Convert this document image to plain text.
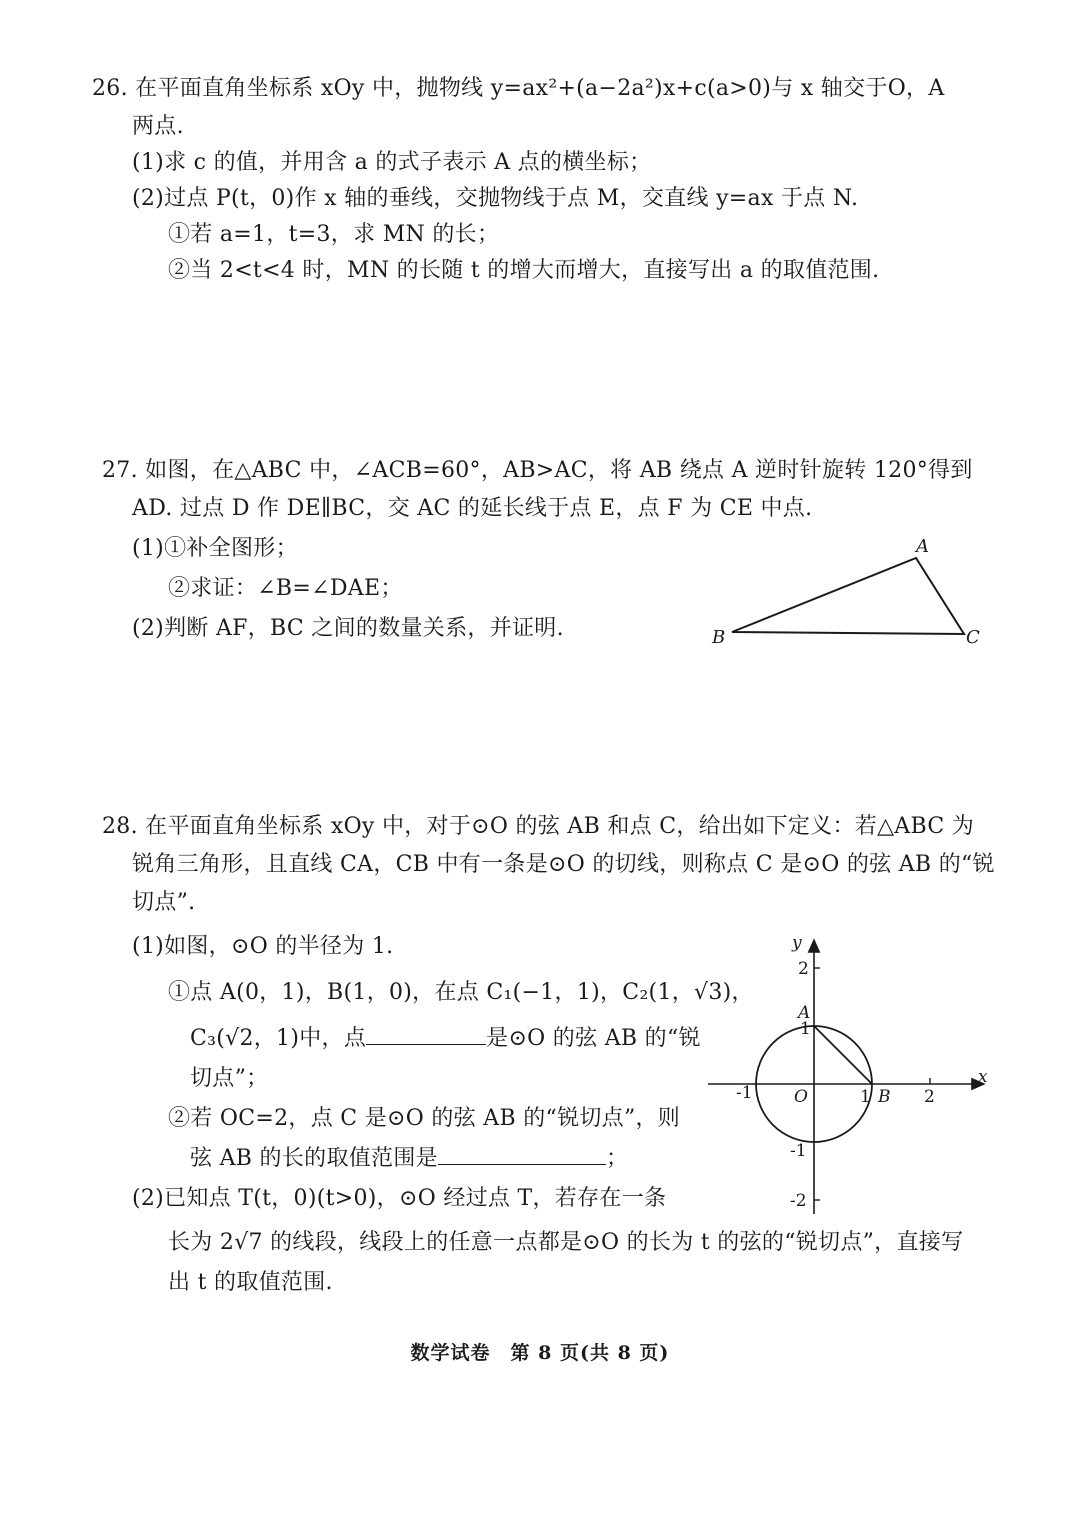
26. 在平面直角坐标系 xOy 中，抛物线 y=ax²+(a−2a²)x+c(a>0)与 x 轴交于O，A
两点.
(1)求 c 的值，并用含 a 的式子表示 A 点的横坐标；
(2)过点 P(t，0)作 x 轴的垂线，交抛物线于点 M，交直线 y=ax 于点 N.
①若 a=1，t=3，求 MN 的长；
②当 2<t<4 时，MN 的长随 t 的增大而增大，直接写出 a 的取值范围.
27. 如图，在△ABC 中，∠ACB=60°，AB>AC，将 AB 绕点 A 逆时针旋转 120°得到
AD. 过点 D 作 DE∥BC，交 AC 的延长线于点 E，点 F 为 CE 中点.
(1)①补全图形；
②求证：∠B=∠DAE；
(2)判断 AF，BC 之间的数量关系，并证明.
A
B	C
28. 在平面直角坐标系 xOy 中，对于⊙O 的弦 AB 和点 C，给出如下定义：若△ABC 为
锐角三角形，且直线 CA，CB 中有一条是⊙O 的切线，则称点 C 是⊙O 的弦 AB 的“锐
切点”.
(1)如图，⊙O 的半径为 1.
①点 A(0，1)，B(1，0)，在点 C₁(−1，1)，C₂(1，√3)，
C₃(√2，1)中，点	是⊙O 的弦 AB 的“锐
切点”；
②若 OC=2，点 C 是⊙O 的弦 AB 的“锐切点”，则
弦 AB 的长的取值范围是	；
(2)已知点 T(t，0)(t>0)，⊙O 经过点 T，若存在一条
长为 2√7 的线段，线段上的任意一点都是⊙O 的长为 t 的弦的“锐切点”，直接写
出 t 的取值范围.
x
y
O
A
B
-1	1	2
2
1
-1
-2
数学试卷　第 8 页(共 8 页)
